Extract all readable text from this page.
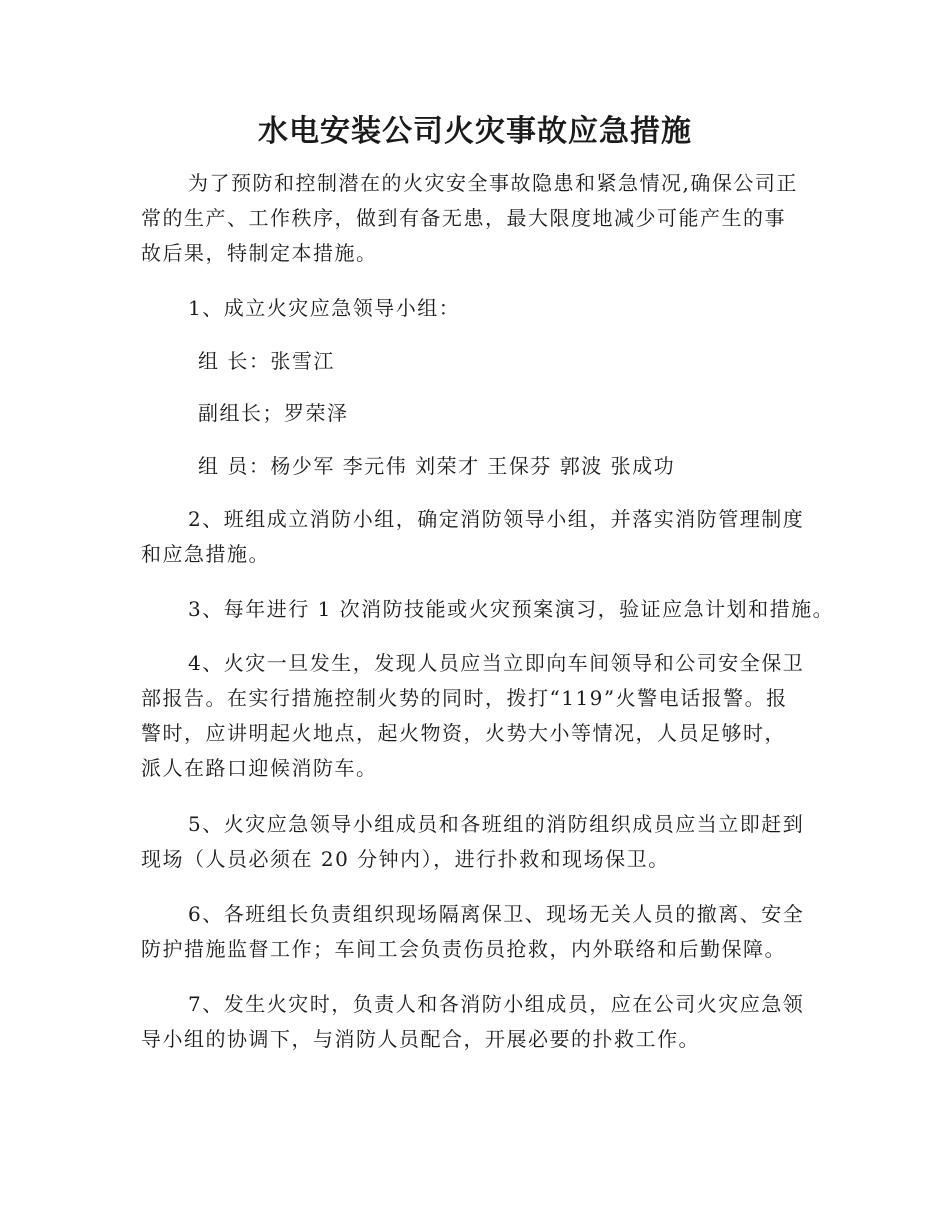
水电安装公司火灾事故应急措施
为了预防和控制潜在的火灾安全事故隐患和紧急情况,确保公司正
常的生产、工作秩序，做到有备无患，最大限度地减少可能产生的事
故后果，特制定本措施。
1、成立火灾应急领导小组：
组 长：张雪江
副组长；罗荣泽
组 员：杨少军 李元伟 刘荣才 王保芬 郭波 张成功
2、班组成立消防小组，确定消防领导小组，并落实消防管理制度
和应急措施。
3、每年进行 1 次消防技能或火灾预案演习，验证应急计划和措施。
4、火灾一旦发生，发现人员应当立即向车间领导和公司安全保卫
部报告。在实行措施控制火势的同时，拨打“119”火警电话报警。报
警时，应讲明起火地点，起火物资，火势大小等情况，人员足够时，
派人在路口迎候消防车。
5、火灾应急领导小组成员和各班组的消防组织成员应当立即赶到
现场（人员必须在 20 分钟内），进行扑救和现场保卫。
6、各班组长负责组织现场隔离保卫、现场无关人员的撤离、安全
防护措施监督工作；车间工会负责伤员抢救，内外联络和后勤保障。
7、发生火灾时，负责人和各消防小组成员，应在公司火灾应急领
导小组的协调下，与消防人员配合，开展必要的扑救工作。
